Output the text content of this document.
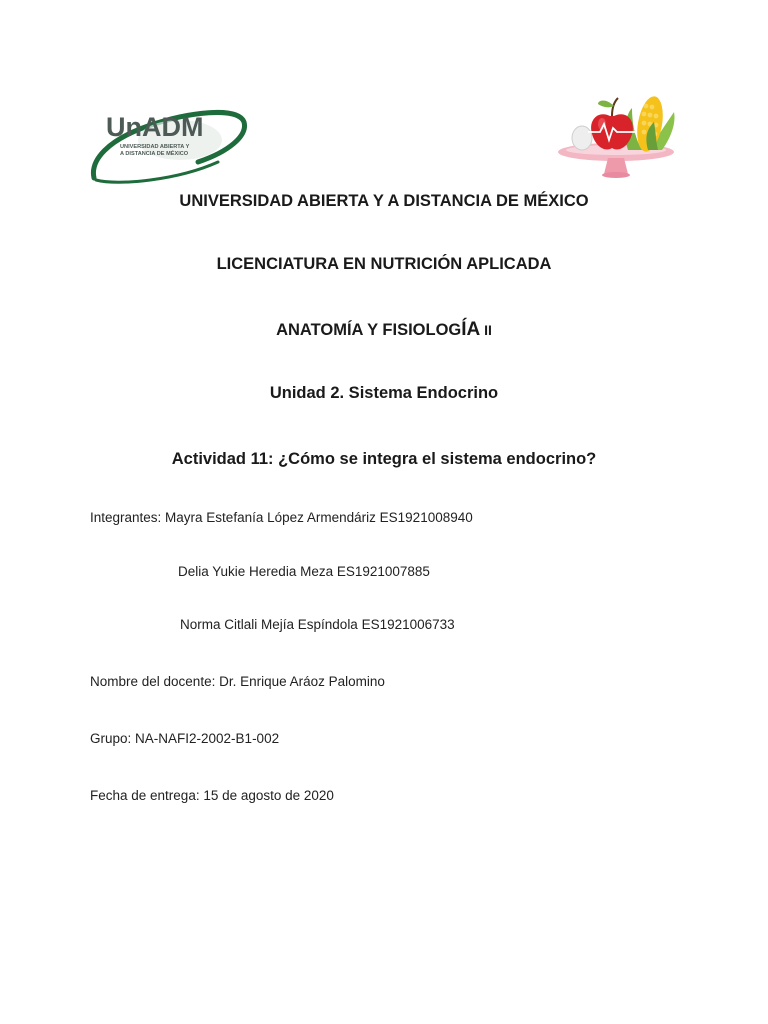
UnADM
UNIVERSIDAD ABIERTA Y
A DISTANCIA DE MÉXICO
UNIVERSIDAD ABIERTA Y A DISTANCIA DE MÉXICO
LICENCIATURA EN NUTRICIÓN APLICADA
ANATOMÍA Y FISIOLOGÍA II
Unidad 2. Sistema Endocrino
Actividad 11: ¿Cómo se integra el sistema endocrino?
Integrantes: Mayra Estefanía López Armendáriz ES1921008940
Delia Yukie Heredia Meza ES1921007885
Norma Citlali Mejía Espíndola ES1921006733
Nombre del docente: Dr. Enrique Aráoz Palomino
Grupo: NA-NAFI2-2002-B1-002
Fecha de entrega: 15 de agosto de 2020
